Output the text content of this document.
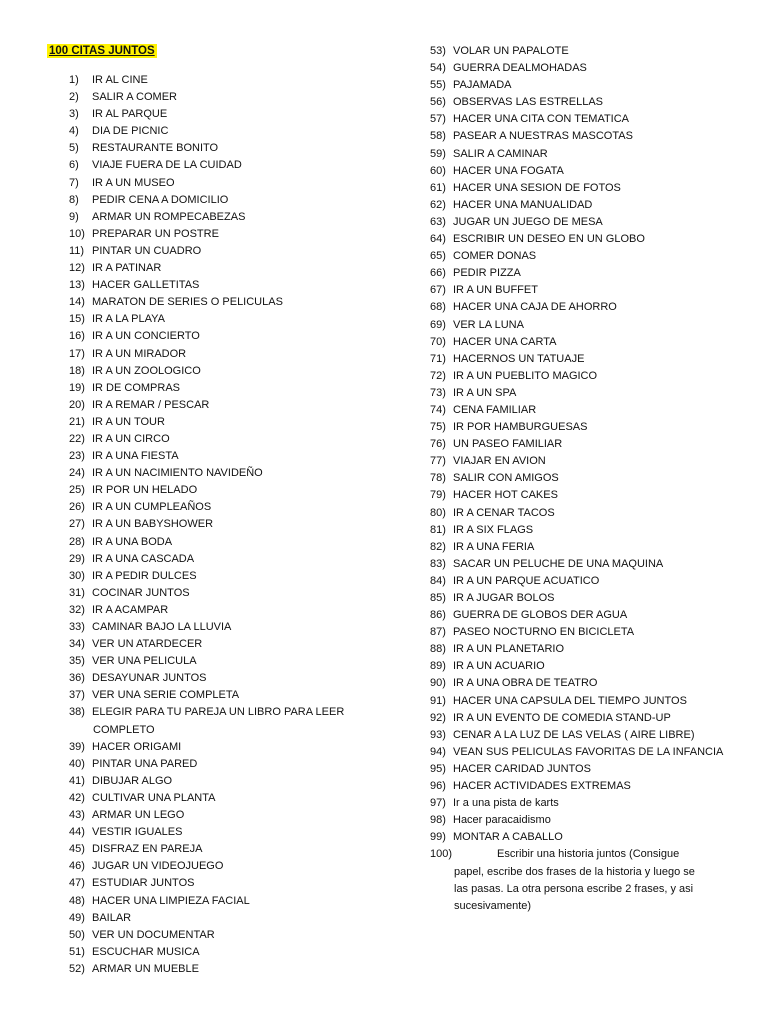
100 CITAS JUNTOS
1) IR AL CINE
2) SALIR A COMER
3) IR AL PARQUE
4) DIA DE PICNIC
5) RESTAURANTE BONITO
6) VIAJE FUERA DE LA CUIDAD
7) IR A UN MUSEO
8) PEDIR CENA A DOMICILIO
9) ARMAR UN ROMPECABEZAS
10) PREPARAR UN POSTRE
11) PINTAR UN CUADRO
12) IR A PATINAR
13) HACER GALLETITAS
14) MARATON DE SERIES O PELICULAS
15) IR A LA PLAYA
16) IR A UN CONCIERTO
17) IR A UN MIRADOR
18) IR A UN ZOOLOGICO
19) IR DE COMPRAS
20) IR A REMAR / PESCAR
21) IR A UN TOUR
22) IR A UN CIRCO
23) IR A UNA FIESTA
24) IR A UN NACIMIENTO NAVIDEÑO
25) IR POR UN HELADO
26) IR A UN CUMPLEAÑOS
27) IR A UN BABYSHOWER
28) IR A UNA BODA
29) IR A UNA CASCADA
30) IR A PEDIR DULCES
31) COCINAR JUNTOS
32) IR A ACAMPAR
33) CAMINAR BAJO LA LLUVIA
34) VER UN ATARDECER
35) VER UNA PELICULA
36) DESAYUNAR JUNTOS
37) VER UNA SERIE COMPLETA
38) ELEGIR PARA TU PAREJA UN LIBRO PARA LEER
COMPLETO
39) HACER ORIGAMI
40) PINTAR UNA PARED
41) DIBUJAR ALGO
42) CULTIVAR UNA PLANTA
43) ARMAR UN LEGO
44) VESTIR IGUALES
45) DISFRAZ EN PAREJA
46) JUGAR UN VIDEOJUEGO
47) ESTUDIAR JUNTOS
48) HACER UNA LIMPIEZA FACIAL
49) BAILAR
50) VER UN DOCUMENTAR
51) ESCUCHAR MUSICA
52) ARMAR UN MUEBLE
53) VOLAR UN PAPALOTE
54) GUERRA DEALMOHADAS
55) PAJAMADA
56) OBSERVAS LAS ESTRELLAS
57) HACER UNA CITA CON TEMATICA
58) PASEAR A NUESTRAS MASCOTAS
59) SALIR A CAMINAR
60) HACER UNA FOGATA
61) HACER UNA SESION DE FOTOS
62) HACER UNA MANUALIDAD
63) JUGAR UN JUEGO DE MESA
64) ESCRIBIR UN DESEO EN UN GLOBO
65) COMER DONAS
66) PEDIR PIZZA
67) IR A UN BUFFET
68) HACER UNA CAJA DE AHORRO
69) VER LA LUNA
70) HACER UNA CARTA
71) HACERNOS UN TATUAJE
72) IR A UN PUEBLITO MAGICO
73) IR A UN SPA
74) CENA FAMILIAR
75) IR POR HAMBURGUESAS
76) UN PASEO FAMILIAR
77) VIAJAR EN AVION
78) SALIR CON AMIGOS
79) HACER HOT CAKES
80) IR A CENAR TACOS
81) IR A SIX FLAGS
82) IR A UNA FERIA
83) SACAR UN PELUCHE DE UNA MAQUINA
84) IR A UN PARQUE ACUATICO
85) IR A JUGAR BOLOS
86) GUERRA DE GLOBOS DER AGUA
87) PASEO NOCTURNO EN BICICLETA
88) IR A UN PLANETARIO
89) IR A UN ACUARIO
90) IR A UNA OBRA DE TEATRO
91) HACER UNA CAPSULA DEL TIEMPO JUNTOS
92) IR A UN EVENTO DE COMEDIA STAND-UP
93) CENAR A LA LUZ DE LAS VELAS ( AIRE LIBRE)
94) VEAN SUS PELICULAS FAVORITAS DE LA INFANCIA
95) HACER CARIDAD JUNTOS
96) HACER ACTIVIDADES EXTREMAS
97) Ir a una pista de karts
98) Hacer paracaidismo
99) MONTAR A CABALLO
100)	Escribir una historia juntos (Consigue
papel, escribe dos frases de la historia y luego se
las pasas. La otra persona escribe 2 frases, y asi
sucesivamente)
